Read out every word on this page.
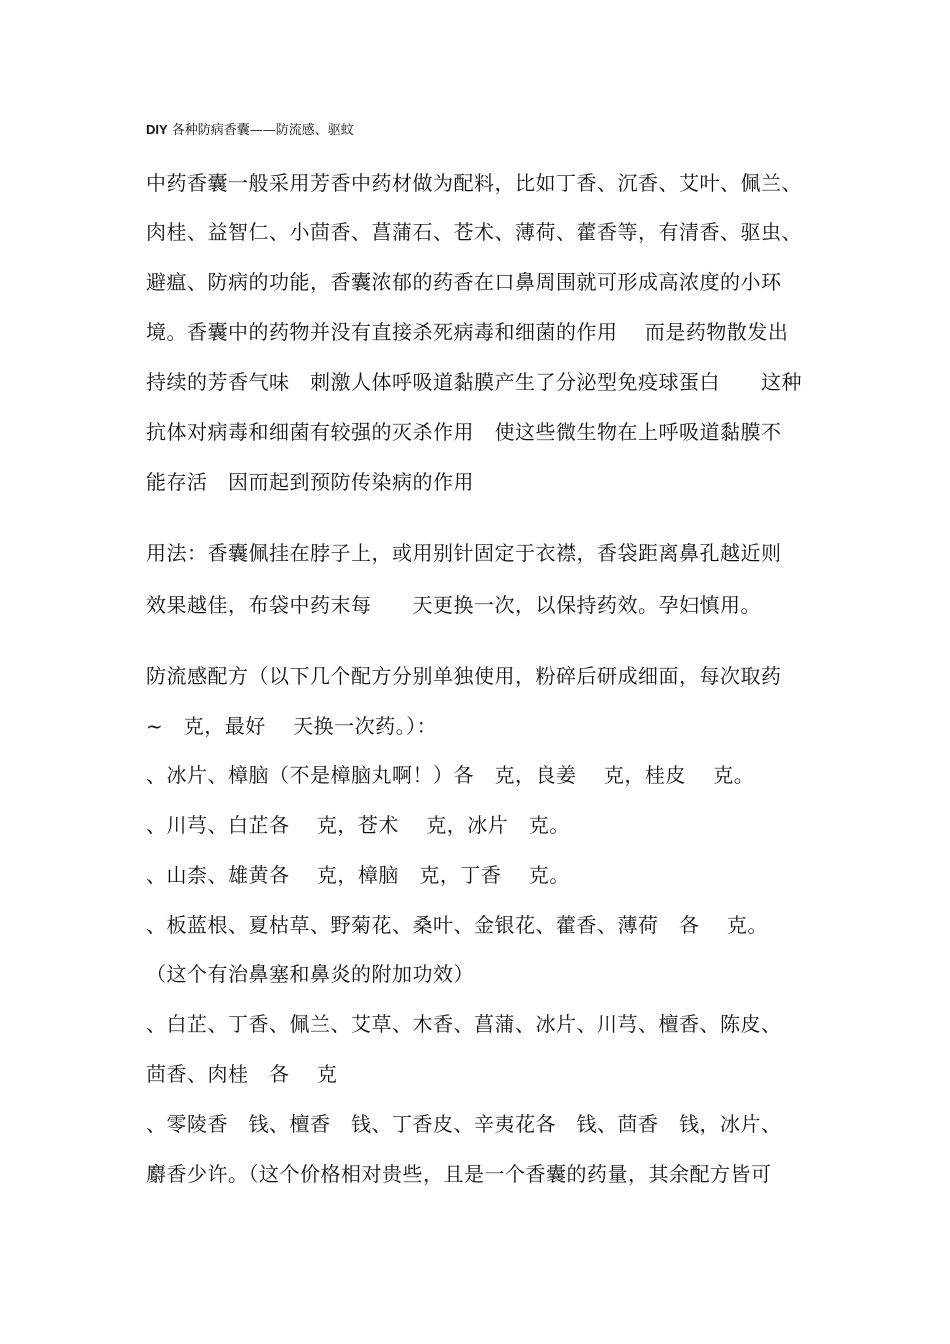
DIY 各种防病香囊——防流感、驱蚊
中药香囊一般采用芳香中药材做为配料，比如丁香、沉香、艾叶、佩兰、
肉桂、益智仁、小茴香、菖蒲石、苍术、薄荷、藿香等，有清香、驱虫、
避瘟、防病的功能，香囊浓郁的药香在口鼻周围就可形成高浓度的小环
境。香囊中的药物并没有直接杀死病毒和细菌的作用　 而是药物散发出
持续的芳香气味　刺激人体呼吸道黏膜产生了分泌型免疫球蛋白　　这种
抗体对病毒和细菌有较强的灭杀作用　使这些微生物在上呼吸道黏膜不
能存活　因而起到预防传染病的作用
用法：香囊佩挂在脖子上，或用别针固定于衣襟，香袋距离鼻孔越近则
效果越佳，布袋中药末每　　天更换一次，以保持药效。孕妇慎用。
防流感配方（以下几个配方分别单独使用，粉碎后研成细面，每次取药
~　克，最好　 天换一次药。）：
、冰片、樟脑（不是樟脑丸啊！）各　克，良姜　 克，桂皮　 克。
、川芎、白芷各　 克，苍术　 克，冰片　克。
、山柰、雄黄各　 克，樟脑　克，丁香　 克。
、板蓝根、夏枯草、野菊花、桑叶、金银花、藿香、薄荷　各　 克。
（这个有治鼻塞和鼻炎的附加功效）
、白芷、丁香、佩兰、艾草、木香、菖蒲、冰片、川芎、檀香、陈皮、
茴香、肉桂　各　 克
、零陵香　钱、檀香　钱、丁香皮、辛夷花各　钱、茴香　钱，冰片、
麝香少许。（这个价格相对贵些，且是一个香囊的药量，其余配方皆可
